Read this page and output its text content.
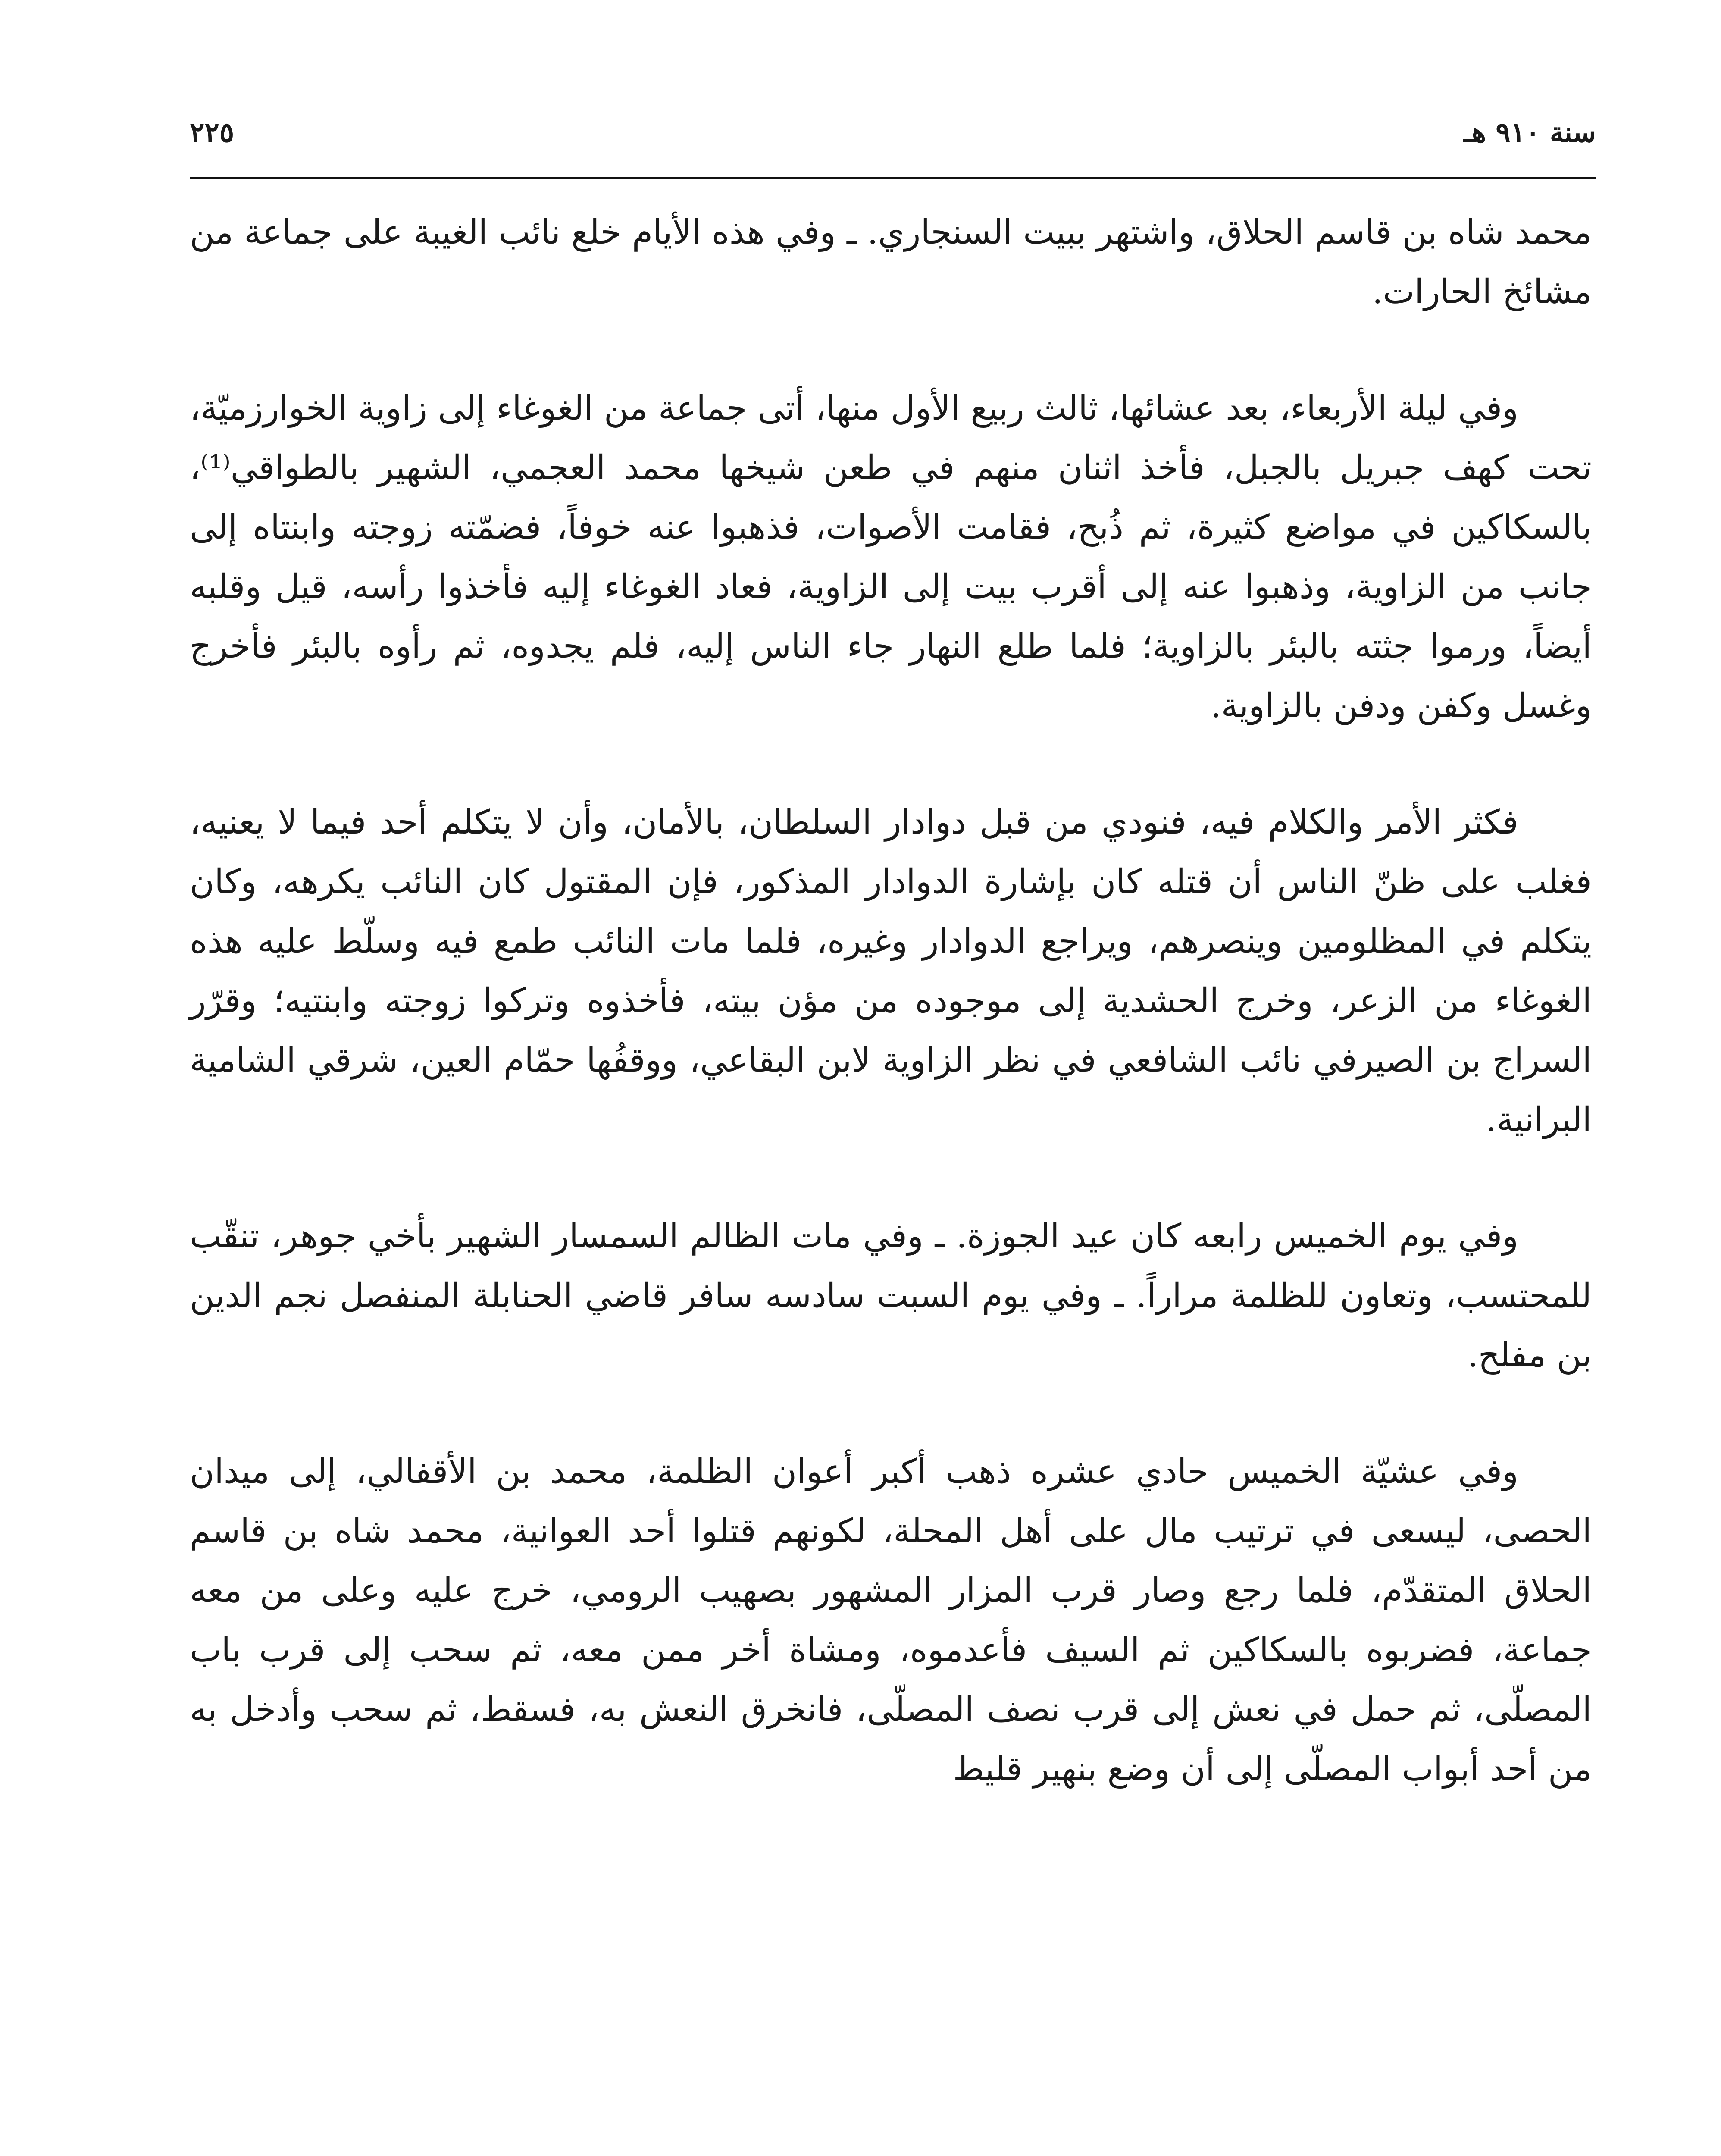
سنة ٩١٠ هـ
٢٢٥

محمد شاه بن قاسم الحلاق، واشتهر ببيت السنجاري. ـ وفي هذه الأيام خلع نائب الغيبة على جماعة من مشائخ الحارات.

وفي ليلة الأربعاء، بعد عشائها، ثالث ربيع الأول منها، أتى جماعة من الغوغاء إلى زاوية الخوارزميّة، تحت كهف جبريل بالجبل، فأخذ اثنان منهم في طعن شيخها محمد العجمي، الشهير بالطواقي⁽¹⁾، بالسكاكين في مواضع كثيرة، ثم ذُبح، فقامت الأصوات، فذهبوا عنه خوفاً، فضمّته زوجته وابنتاه إلى جانب من الزاوية، وذهبوا عنه إلى أقرب بيت إلى الزاوية، فعاد الغوغاء إليه فأخذوا رأسه، قيل وقلبه أيضاً، ورموا جثته بالبئر بالزاوية؛ فلما طلع النهار جاء الناس إليه، فلم يجدوه، ثم رأوه بالبئر فأخرج وغسل وكفن ودفن بالزاوية.

فكثر الأمر والكلام فيه، فنودي من قبل دوادار السلطان، بالأمان، وأن لا يتكلم أحد فيما لا يعنيه، فغلب على ظنّ الناس أن قتله كان بإشارة الدوادار المذكور، فإن المقتول كان النائب يكرهه، وكان يتكلم في المظلومين وينصرهم، ويراجع الدوادار وغيره، فلما مات النائب طمع فيه وسلّط عليه هذه الغوغاء من الزعر، وخرج الحشدية إلى موجوده من مؤن بيته، فأخذوه وتركوا زوجته وابنتيه؛ وقرّر السراج بن الصيرفي نائب الشافعي في نظر الزاوية لابن البقاعي، ووقفُها حمّام العين، شرقي الشامية البرانية.

وفي يوم الخميس رابعه كان عيد الجوزة. ـ وفي مات الظالم السمسار الشهير بأخي جوهر، تنقّب للمحتسب، وتعاون للظلمة مراراً. ـ وفي يوم السبت سادسه سافر قاضي الحنابلة المنفصل نجم الدين بن مفلح.

وفي عشيّة الخميس حادي عشره ذهب أكبر أعوان الظلمة، محمد بن الأقفالي، إلى ميدان الحصى، ليسعى في ترتيب مال على أهل المحلة، لكونهم قتلوا أحد العوانية، محمد شاه بن قاسم الحلاق المتقدّم، فلما رجع وصار قرب المزار المشهور بصهيب الرومي، خرج عليه وعلى من معه جماعة، فضربوه بالسكاكين ثم السيف فأعدموه، ومشاة أخر ممن معه، ثم سحب إلى قرب باب المصلّى، ثم حمل في نعش إلى قرب نصف المصلّى، فانخرق النعش به، فسقط، ثم سحب وأدخل به من أحد أبواب المصلّى إلى أن وضع بنهير قليط
